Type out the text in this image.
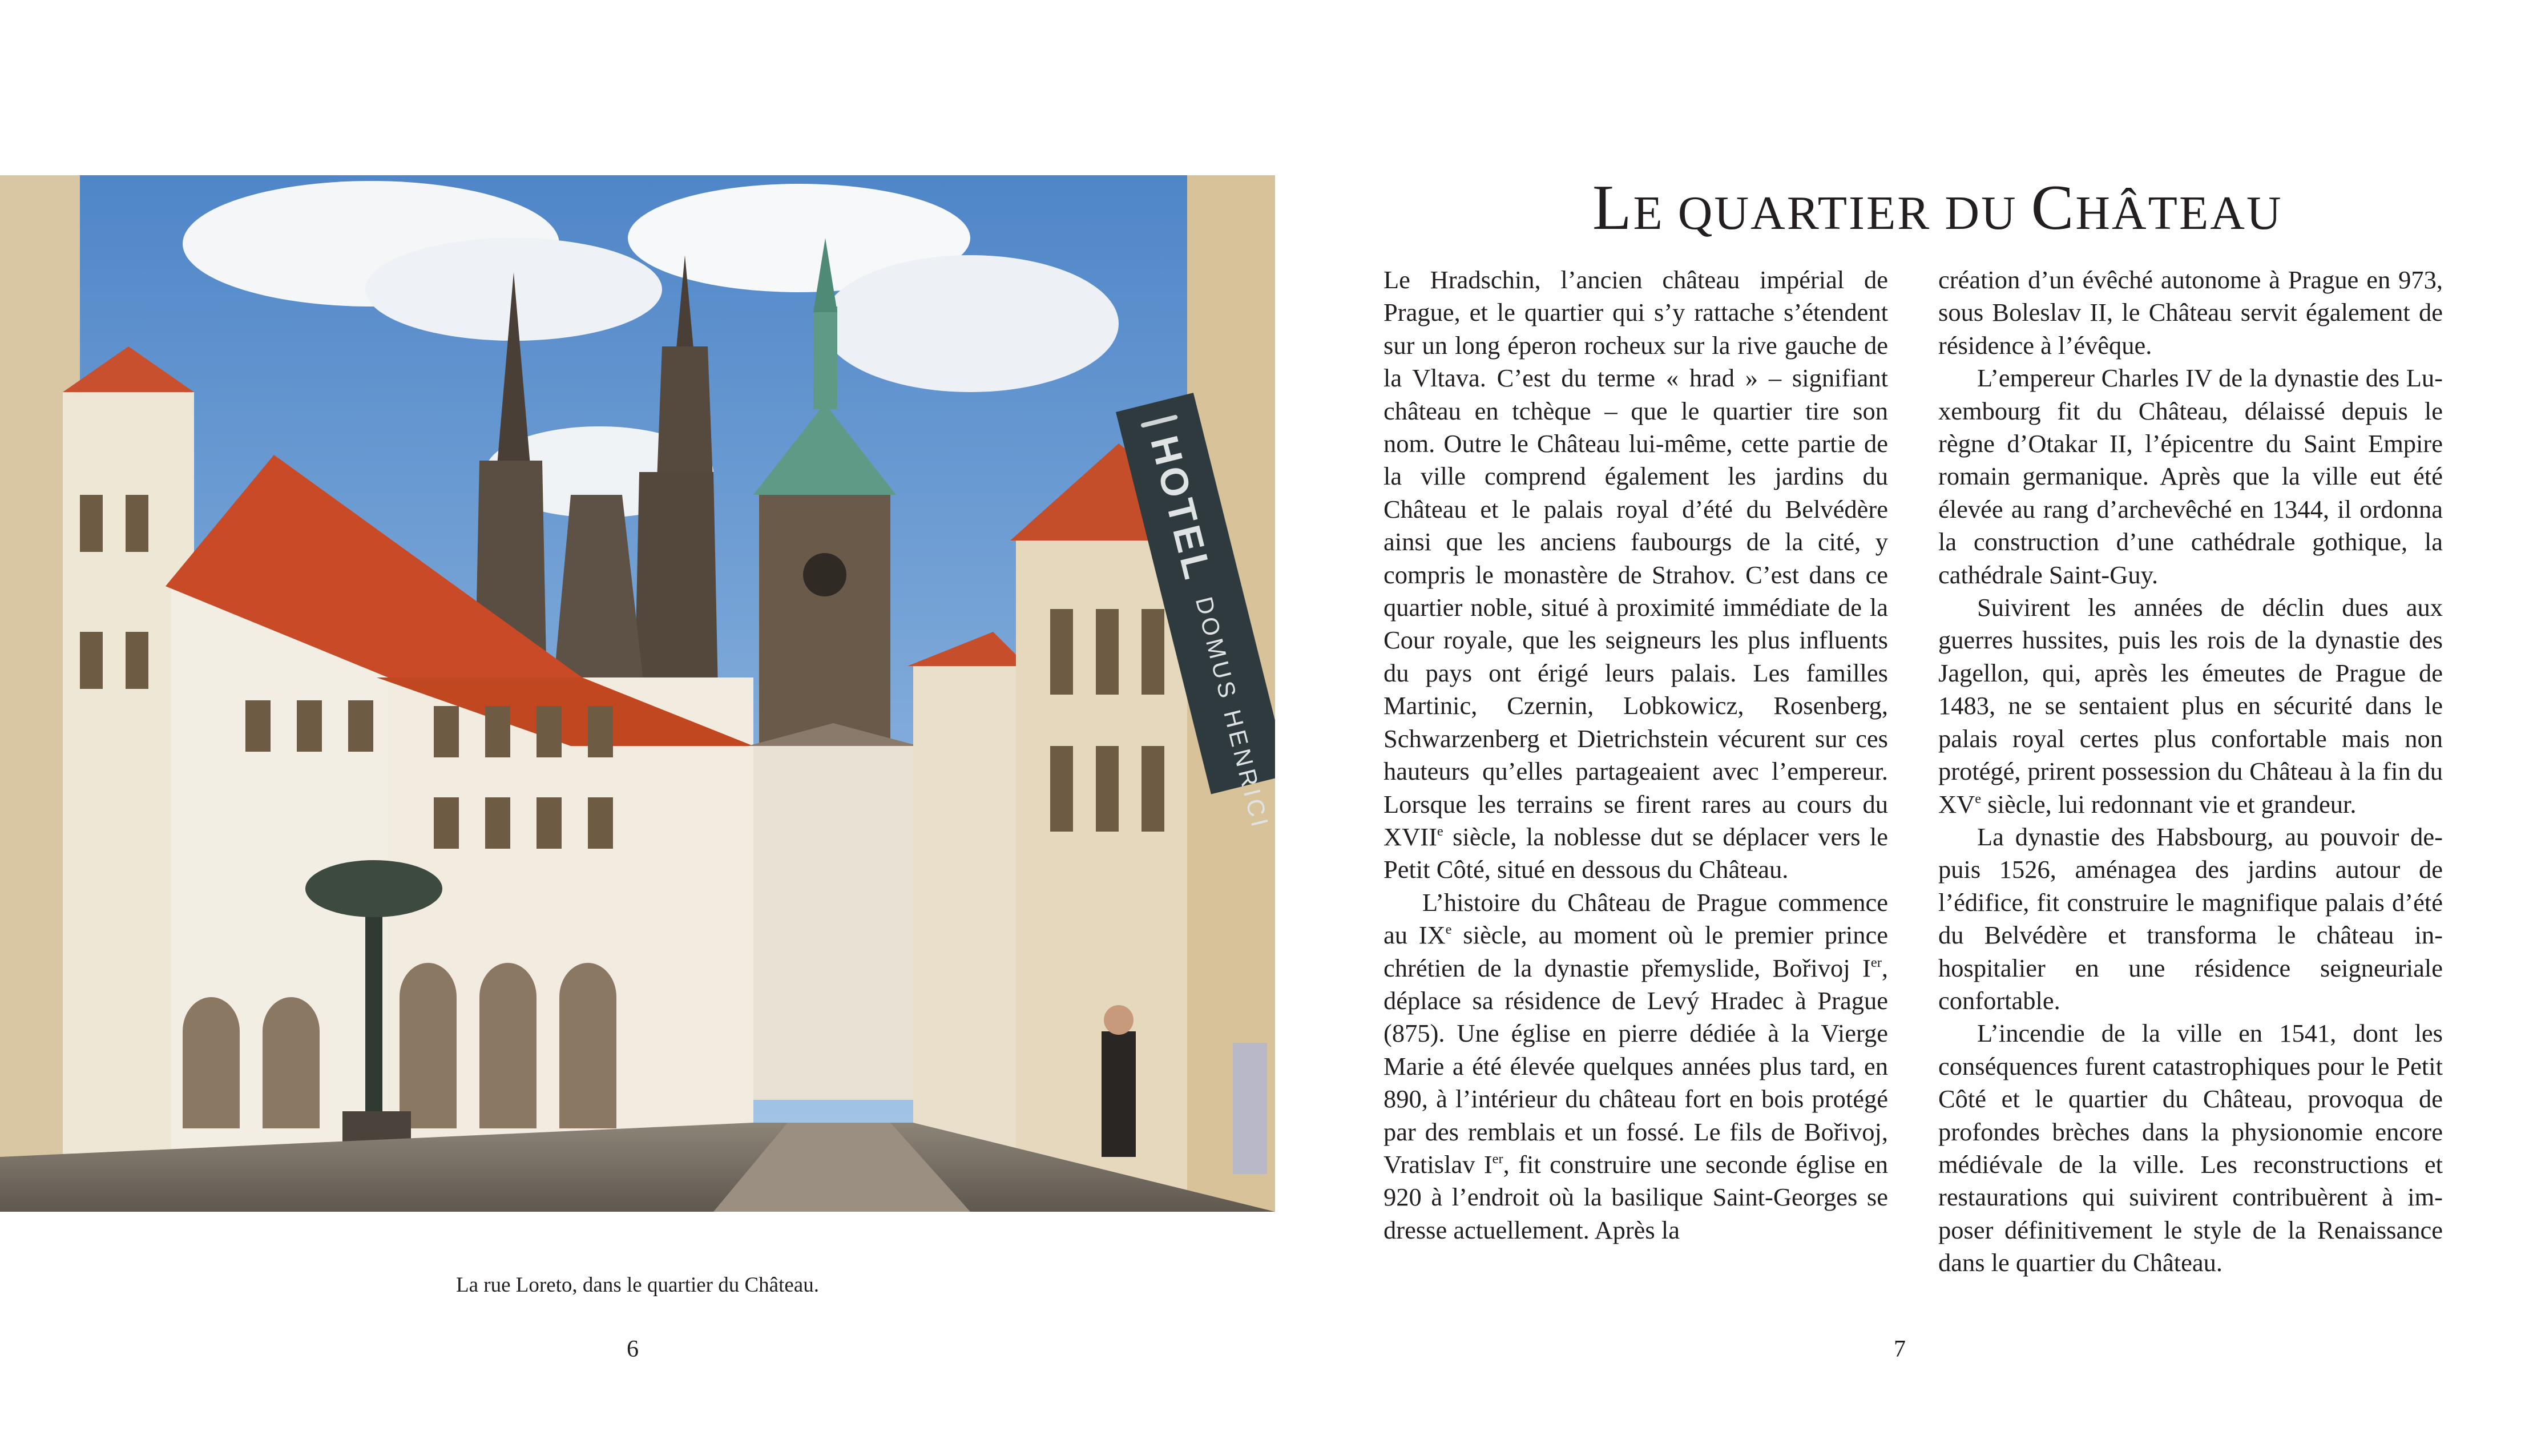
HOTEL
DOMUS HENRICI
La rue Loreto, dans le quartier du Château.
6
LE QUARTIER DU CHÂTEAU

Le Hradschin, l’ancien château impérial de Prague, et le quartier qui s’y rattache s’étendent sur un long éperon rocheux sur la rive gauche de la Vltava. C’est du terme « hrad » – signifiant château en tchèque – que le quartier tire son nom. Outre le Château lui-même, cette partie de la ville comprend également les jardins du Château et le palais royal d’été du Belvédère ainsi que les anciens faubourgs de la cité, y compris le monastère de Strahov. C’est dans ce quartier noble, situé à proximité immédiate de la Cour royale, que les seigneurs les plus influents du pays ont érigé leurs palais. Les familles Martinic, Czernin, Lobkowicz, Rosenberg, Schwarzenberg et Dietrichstein vécurent sur ces hauteurs qu’elles partageaient avec l’empereur. Lorsque les terrains se firent rares au cours du XVIIe siècle, la noblesse dut se déplacer vers le Petit Côté, situé en dessous du Château.

L’histoire du Château de Prague commence au IXe siècle, au moment où le premier prince chrétien de la dynastie přemyslide, Bořivoj Ier, déplace sa résidence de Levý Hradec à Prague (875). Une église en pierre dédiée à la Vierge Marie a été élevée quelques années plus tard, en 890, à l’intérieur du château fort en bois protégé par des remblais et un fossé. Le fils de Bořivoj, Vratislav Ier, fit construire une seconde église en 920 à l’endroit où la basilique Saint-Georges se dresse actuellement. Après la

création d’un évêché autonome à Prague en 973, sous Boleslav II, le Château servit également de résidence à l’évêque.

L’empereur Charles IV de la dynastie des Luxembourg fit du Château, délaissé depuis le règne d’Otakar II, l’épicentre du Saint Empire romain germanique. Après que la ville eut été élevée au rang d’archevêché en 1344, il ordonna la construction d’une cathédrale gothique, la cathédrale Saint-Guy.

Suivirent les années de déclin dues aux guerres hussites, puis les rois de la dynastie des Jagellon, qui, après les émeutes de Prague de 1483, ne se sentaient plus en sécurité dans le palais royal certes plus confortable mais non protégé, prirent possession du Château à la fin du XVe siècle, lui redonnant vie et grandeur.

La dynastie des Habsbourg, au pouvoir depuis 1526, aménagea des jardins autour de l’édifice, fit construire le magnifique palais d’été du Belvédère et transforma le château inhospitalier en une résidence seigneuriale confortable.

L’incendie de la ville en 1541, dont les conséquences furent catastrophiques pour le Petit Côté et le quartier du Château, provoqua de profondes brèches dans la physionomie encore médiévale de la ville. Les reconstructions et restaurations qui suivirent contribuèrent à imposer définitivement le style de la Renaissance dans le quartier du Château.

7
